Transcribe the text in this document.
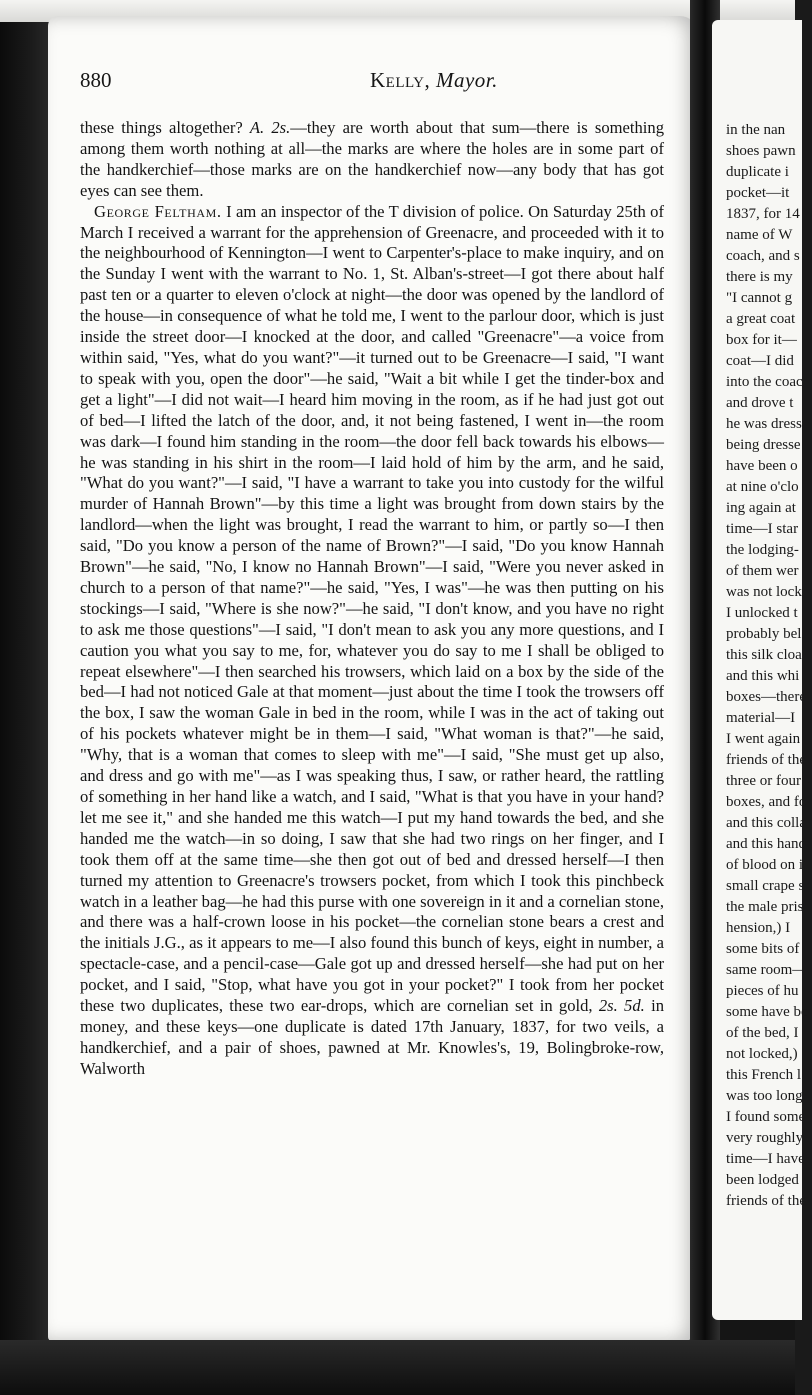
880	Kelly, Mayor.

these things altogether? A. 2s.—they are worth about that sum—there is something among them worth nothing at all—the marks are where the holes are in some part of the handkerchief—those marks are on the handkerchief now—any body that has got eyes can see them.

George Feltham. I am an inspector of the T division of police. On Saturday 25th of March I received a warrant for the apprehension of Greenacre, and proceeded with it to the neighbourhood of Kennington—I went to Carpenter's-place to make inquiry, and on the Sunday I went with the warrant to No. 1, St. Alban's-street—I got there about half past ten or a quarter to eleven o'clock at night—the door was opened by the landlord of the house—in consequence of what he told me, I went to the parlour door, which is just inside the street door—I knocked at the door, and called "Greenacre"—a voice from within said, "Yes, what do you want?"—it turned out to be Greenacre—I said, "I want to speak with you, open the door"—he said, "Wait a bit while I get the tinder-box and get a light"—I did not wait—I heard him moving in the room, as if he had just got out of bed—I lifted the latch of the door, and, it not being fastened, I went in—the room was dark—I found him standing in the room—the door fell back towards his elbows—he was standing in his shirt in the room—I laid hold of him by the arm, and he said, "What do you want?"—I said, "I have a warrant to take you into custody for the wilful murder of Hannah Brown"—by this time a light was brought from down stairs by the landlord—when the light was brought, I read the warrant to him, or partly so—I then said, "Do you know a person of the name of Brown?"—I said, "Do you know Hannah Brown"—he said, "No, I know no Hannah Brown"—I said, "Were you never asked in church to a person of that name?"—he said, "Yes, I was"—he was then putting on his stockings—I said, "Where is she now?"—he said, "I don't know, and you have no right to ask me those questions"—I said, "I don't mean to ask you any more questions, and I caution you what you say to me, for, whatever you do say to me I shall be obliged to repeat elsewhere"—I then searched his trowsers, which laid on a box by the side of the bed—I had not noticed Gale at that moment—just about the time I took the trowsers off the box, I saw the woman Gale in bed in the room, while I was in the act of taking out of his pockets whatever might be in them—I said, "What woman is that?"—he said, "Why, that is a woman that comes to sleep with me"—I said, "She must get up also, and dress and go with me"—as I was speaking thus, I saw, or rather heard, the rattling of something in her hand like a watch, and I said, "What is that you have in your hand? let me see it," and she handed me this watch—I put my hand towards the bed, and she handed me the watch—in so doing, I saw that she had two rings on her finger, and I took them off at the same time—she then got out of bed and dressed herself—I then turned my attention to Greenacre's trowsers pocket, from which I took this pinchbeck watch in a leather bag—he had this purse with one sovereign in it and a cornelian stone, and there was a half-crown loose in his pocket—the cornelian stone bears a crest and the initials J.G., as it appears to me—I also found this bunch of keys, eight in number, a spectacle-case, and a pencil-case—Gale got up and dressed herself—she had put on her pocket, and I said, "Stop, what have you got in your pocket?" I took from her pocket these two duplicates, these two ear-drops, which are cornelian set in gold, 2s. 5d. in money, and these keys—one duplicate is dated 17th January, 1837, for two veils, a handkerchief, and a pair of shoes, pawned at Mr. Knowles's, 19, Bolingbroke-row, Walworth

in the nan
shoes pawn
duplicate i
pocket—it
1837, for 14
name of W
coach, and s
there is my
"I cannot g
a great coat
box for it—
coat—I did
into the coac
and drove t
he was dress
being dresse
have been o
at nine o'clo
ing again at
time—I star
the lodging-
of them wer
was not lock
I unlocked t
probably bel
this silk cloa
and this whi
boxes—there
material—I
I went again
friends of the
three or four
boxes, and fo
and this colla
and this hand
of blood on it
small crape sh
the male pris
hension,) I
some bits of
same room—
pieces of hu
some have be
of the bed, I
not locked,)
this French l
was too long
I found some
very roughly
time—I have
been lodged i
friends of the
